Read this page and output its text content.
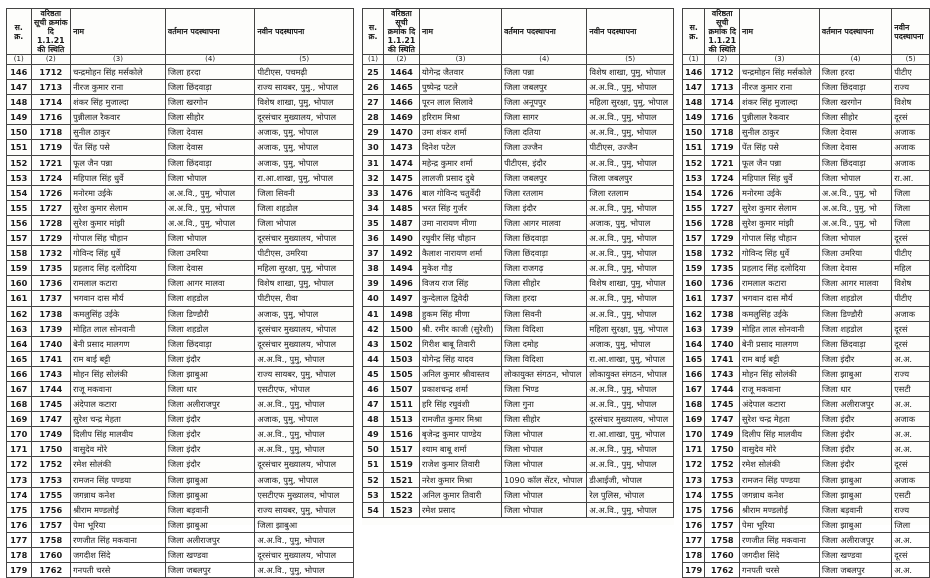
स. क्र.	वरिष्ठता सूची क्रमांक दि 1.1.21 की स्थिति	नाम	वर्तमान पदस्थापना	नवीन पदस्थापना
(1)	(2)	(3)	(4)	(5)
146	1712	चन्द्रमोहन सिंह मर्सकोले	जिला हरदा	पीटीएस, पचमढ़ी
147	1713	नीरज कुमार राना	जिला छिंदवाड़ा	राज्य सायबर, पुमु., भोपाल
148	1714	शंकर सिंह मुजाल्दा	जिला खरगोन	विशेष शाखा, पुमु, भोपाल
149	1716	पुन्नीलाल रैकवार	जिला सीहोर	दूरसंचार मुख्यालय, भोपाल
150	1718	सुनील ठाकुर	जिला देवास	अजाक, पुमु, भोपाल
151	1719	पेंत सिंह पसे	जिला देवास	अजाक, पुमु, भोपाल
152	1721	फूल जैन पन्ना	जिला छिंदवाड़ा	अजाक, पुमु, भोपाल
153	1724	महिपाल सिंह धुर्वे	जिला भोपाल	रा.आ.शाखा, पुमु, भोपाल
154	1726	मनोरमा उईके	अ.अ.वि., पुमु, भोपाल	जिला सिवनी
155	1727	सुरेश कुमार सेलाम	अ.अ.वि., पुमु, भोपाल	जिला शहडोल
156	1728	सुरेश कुमार मांझी	अ.अ.वि., पुमु, भोपाल	जिला भोपाल
157	1729	गोपाल सिंह चौहान	जिला भोपाल	दूरसंचार मुख्यालय, भोपाल
158	1732	गोविन्द सिंह धुर्वे	जिला उमरिया	पीटीएस, उमरिया
159	1735	प्रहलाद सिंह दलोदिया	जिला देवास	महिला सुरक्षा, पुमु, भोपाल
160	1736	रामलाल कटारा	जिला आगर मालवा	विशेष शाखा, पुमु, भोपाल
161	1737	भगवान दास मौर्य	जिला शहडोल	पीटीएस, रीवा
162	1738	कमलुसिंह उईके	जिला डिण्डौरी	अजाक, पुमु, भोपाल
163	1739	मोहित लाल सोनवानी	जिला शहडोल	दूरसंचार मुख्यालय, भोपाल
164	1740	बेनी प्रसाद मालगण	जिला छिंदवाड़ा	दूरसंचार मुख्यालय, भोपाल
165	1741	राम बाई बट्टी	जिला इंदौर	अ.अ.वि., पुमु, भोपाल
166	1743	मोहन सिंह सोलंकी	जिला झाबुआ	राज्य सायबर, पुमु, भोपाल
167	1744	राजू मकवाना	जिला धार	एसटीएफ, भोपाल
168	1745	अंदेपाल कटारा	जिला अलीराजपुर	अ.अ.वि., पुमु, भोपाल
169	1747	सुरेश चन्द्र मेहता	जिला इंदौर	अजाक, पुमु, भोपाल
170	1749	दिलीप सिंह मालवीय	जिला इंदौर	अ.अ.वि., पुमु, भोपाल
171	1750	वासुदेव मोरे	जिला इंदौर	अ.अ.वि., पुमु, भोपाल
172	1752	रमेश सोलंकी	जिला इंदौर	दूरसंचार मुख्यालय, भोपाल
173	1753	रामजन सिंह पण्डया	जिला झाबुआ	अजाक, पुमु, भोपाल
174	1755	जगन्नाथ कनेश	जिला झाबुआ	एसटीएफ मुख्यालय, भोपाल
175	1756	श्रीराम मण्डलोई	जिला बड़वानी	राज्य सायबर, पुमु, भोपाल
176	1757	पेमा भूरिया	जिला झाबुआ	जिला झाबुआ
177	1758	रणजीत सिंह मकवाना	जिला अलीराजपुर	अ.अ.वि., पुमु, भोपाल
178	1760	जगदीश सिंदे	जिला खण्डवा	दूरसंचार मुख्यालय, भोपाल
179	1762	गनपती चरसे	जिला जबलपुर	अ.अ.वि., पुमु, भोपाल
स. क्र.	वरिष्ठता सूची क्रमांक दि 1.1.21 की स्थिति	नाम	वर्तमान पदस्थापना	नवीन पदस्थापना
(1)	(2)	(3)	(4)	(5)
25	1464	योगेन्द्र जैतवार	जिला पन्ना	विशेष शाखा, पुमु, भोपाल
26	1465	पुष्पेन्द्र पटले	जिला जबलपुर	अ.अ.वि., पुमु, भोपाल
27	1466	पूरन लाल सिलावे	जिला अनूपपुर	महिला सुरक्षा, पुमु, भोपाल
28	1469	हरिराम मिश्रा	जिला सागर	अ.अ.वि., पुमु, भोपाल
29	1470	उमा शंकर शर्मा	जिला दतिया	अ.अ.वि., पुमु, भोपाल
30	1473	दिनेश पटेल	जिला उज्जैन	पीटीएस, उज्जैन
31	1474	महेन्द्र कुमार शर्मा	पीटीएस, इंदौर	अ.अ.वि., पुमु, भोपाल
32	1475	लालजी प्रसाद दुबे	जिला जबलपुर	जिला जबलपुर
33	1476	बाल गोविन्द चतुर्वेदी	जिला रतलाम	जिला रतलाम
34	1485	भरत सिंह गुर्जर	जिला इंदौर	अ.अ.वि., पुमु, भोपाल
35	1487	उमा नारायण मीणा	जिला आगर मालवा	अजाक, पुमु, भोपाल
36	1490	रघुवीर सिंह चौहान	जिला छिंदवाड़ा	अ.अ.वि., पुमु, भोपाल
37	1492	कैलाश नारायण शर्मा	जिला छिंदवाड़ा	अ.अ.वि., पुमु, भोपाल
38	1494	मुकेश गौड़	जिला राजगढ़	अ.अ.वि., पुमु, भोपाल
39	1496	विजय राज सिंह	जिला सीहोर	विशेष शाखा, पुमु, भोपाल
40	1497	कुन्देलाल द्विवेदी	जिला हरदा	अ.अ.वि., पुमु, भोपाल
41	1498	हुकम सिंह मीणा	जिला सिवनी	अ.अ.वि., पुमु, भोपाल
42	1500	श्री. रमीर काजी (सुरेशी)	जिला विदिशा	महिला सुरक्षा, पुमु, भोपाल
43	1502	गिरीश बाबू तिवारी	जिला दमोह	अजाक, पुमु, भोपाल
44	1503	योगेन्द्र सिंह यादव	जिला विदिशा	रा.आ.शाखा, पुमु, भोपाल
45	1505	अनिल कुमार श्रीवास्तव	लोकायुक्त संगठन, भोपाल	लोकायुक्त संगठन, भोपाल
46	1507	प्रकाशचन्द्र शर्मा	जिला भिण्ड	अ.अ.वि., पुमु, भोपाल
47	1511	हरि सिंह रघुवंशी	जिला गुना	अ.अ.वि., पुमु, भोपाल
48	1513	रामजीत कुमार मिश्रा	जिला सीहोर	दूरसंचार मुख्यालय, भोपाल
49	1516	बृजेन्द्र कुमार पाण्डेय	जिला भोपाल	रा.आ.शाखा, पुमु, भोपाल
50	1517	श्याम बाबू शर्मा	जिला भोपाल	अ.अ.वि., पुमु, भोपाल
51	1519	राजेश कुमार तिवारी	जिला भोपाल	अ.अ.वि., पुमु, भोपाल
52	1521	नरेश कुमार मिश्रा	1090 कॉल सेंटर, भोपाल	डीआईजी, भोपाल
53	1522	अनिल कुमार तिवारी	जिला भोपाल	रेल पुलिस, भोपाल
54	1523	रमेश प्रसाद	जिला भोपाल	अ.अ.वि., पुमु, भोपाल
स. क्र.	वरिष्ठता सूची क्रमांक दि 1.1.21 की स्थिति	नाम	वर्तमान पदस्थापना	नवीन पदस्थापना
(1)	(2)	(3)	(4)	(5)
146	1712	चन्द्रमोहन सिंह मर्सकोले	जिला हरदा	पीटीए
147	1713	नीरज कुमार राना	जिला छिंदवाड़ा	राज्य
148	1714	शंकर सिंह मुजाल्दा	जिला खरगोन	विशेष
149	1716	पुन्नीलाल रैकवार	जिला सीहोर	दूरसं
150	1718	सुनील ठाकुर	जिला देवास	अजाक
151	1719	पेंत सिंह पसे	जिला देवास	अजाक
152	1721	फूल जैन पन्ना	जिला छिंदवाड़ा	अजाक
153	1724	महिपाल सिंह धुर्वे	जिला भोपाल	रा.आ.
154	1726	मनोरमा उईके	अ.अ.वि., पुमु, भो	जिला
155	1727	सुरेश कुमार सेलाम	अ.अ.वि., पुमु, भो	जिला
156	1728	सुरेश कुमार मांझी	अ.अ.वि., पुमु, भो	जिला
157	1729	गोपाल सिंह चौहान	जिला भोपाल	दूरसं
158	1732	गोविन्द सिंह धुर्वे	जिला उमरिया	पीटीए
159	1735	प्रहलाद सिंह दलोदिया	जिला देवास	महिल
160	1736	रामलाल कटारा	जिला आगर मालवा	विशेष
161	1737	भगवान दास मौर्य	जिला शहडोल	पीटीए
162	1738	कमलुसिंह उईके	जिला डिण्डौरी	अजाक
163	1739	मोहित लाल सोनवानी	जिला शहडोल	दूरसं
164	1740	बेनी प्रसाद मालगण	जिला छिंदवाड़ा	दूरसं
165	1741	राम बाई बट्टी	जिला इंदौर	अ.अ.
166	1743	मोहन सिंह सोलंकी	जिला झाबुआ	राज्य
167	1744	राजू मकवाना	जिला धार	एसटी
168	1745	अंदेपाल कटारा	जिला अलीराजपुर	अ.अ.
169	1747	सुरेश चन्द्र मेहता	जिला इंदौर	अजाक
170	1749	दिलीप सिंह मालवीय	जिला इंदौर	अ.अ.
171	1750	वासुदेव मोरे	जिला इंदौर	अ.अ.
172	1752	रमेश सोलंकी	जिला इंदौर	दूरसं
173	1753	रामजन सिंह पण्डया	जिला झाबुआ	अजाक
174	1755	जगन्नाथ कनेश	जिला झाबुआ	एसटी
175	1756	श्रीराम मण्डलोई	जिला बड़वानी	राज्य
176	1757	पेमा भूरिया	जिला झाबुआ	जिला
177	1758	रणजीत सिंह मकवाना	जिला अलीराजपुर	अ.अ.
178	1760	जगदीश सिंदे	जिला खण्डवा	दूरसं
179	1762	गनपती चरसे	जिला जबलपुर	अ.अ.
